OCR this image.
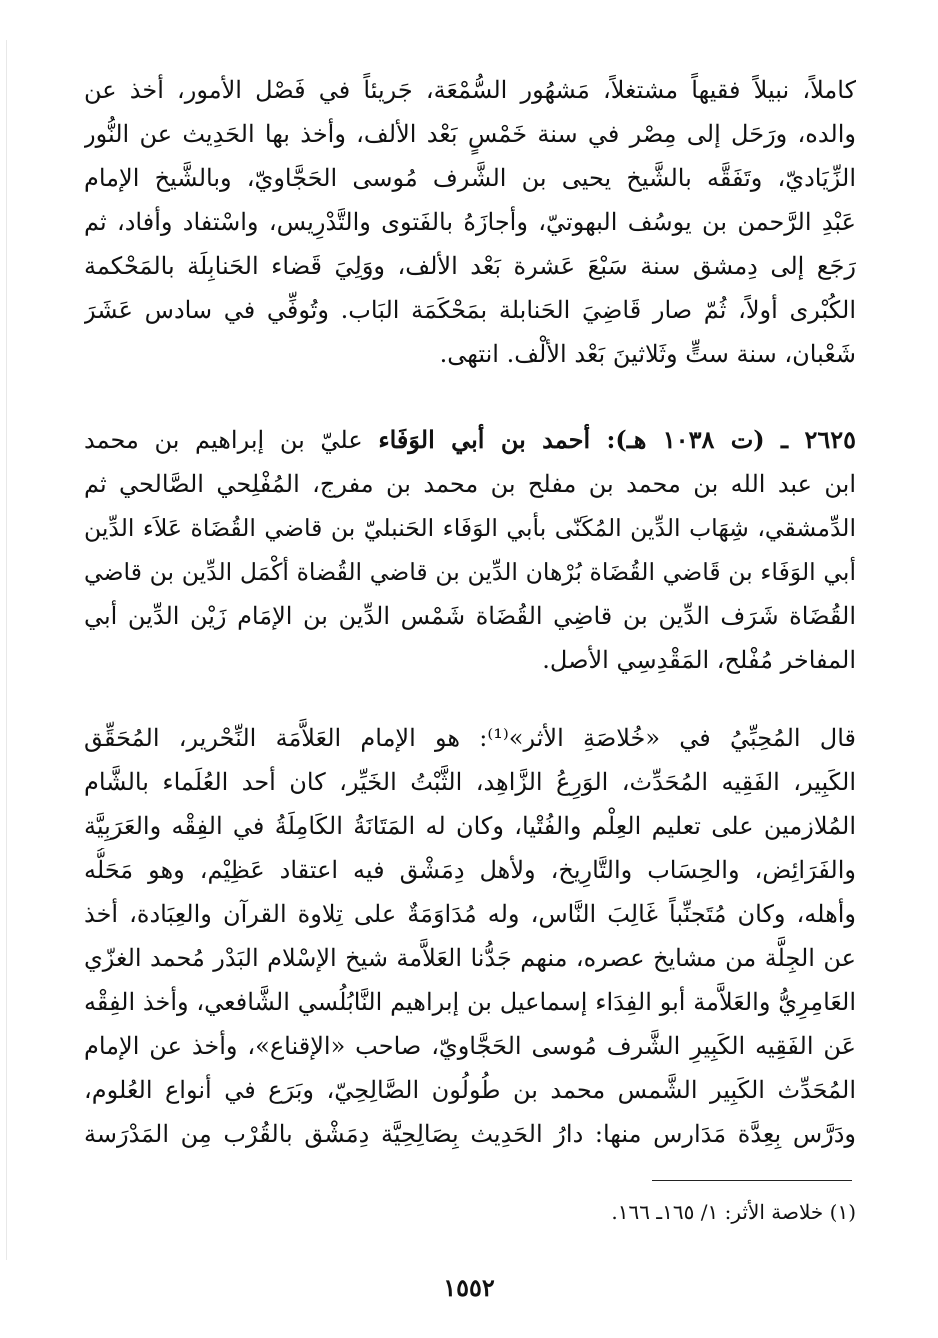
كاملاً، نبيلاً فقيهاً مشتغلاً، مَشهُور السُّمْعَة، جَريئاً في فَصْل الأمور، أخذ عن
والده، ورَحَل إلى مِصْر في سنة خَمْسٍ بَعْد الألف، وأخذ بها الحَدِيث عن النُّور
الزِّيَاديّ، وتَفَقَّه بالشَّيخ يحيى بن الشَّرف مُوسى الحَجَّاويّ، وبالشَّيخ الإمام
عَبْدِ الرَّحمن بن يوسُف البهوتيّ، وأجازَهُ بالفَتوى والتَّدْرِيس، واسْتفاد وأفاد، ثم
رَجَع إلى دِمشق سنة سَبْعَ عَشرة بَعْد الألف، ووَلِيَ قَضاء الحَنابِلَة بالمَحْكمة
الكُبْرى أولاً، ثُمّ صار قَاضِيَ الحَنابلة بمَحْكَمَة البَاب. وتُوفِّي في سادس عَشَرَ
شَعْبان، سنة ستٍّ وثَلاثينَ بَعْد الألْف. انتهى.
٢٦٢٥ ـ (ت ١٠٣٨ هـ): أحمد بن أبي الوَفَاء عليّ بن إبراهيم بن محمد
ابن عبد الله بن محمد بن مفلح بن محمد بن مفرج، المُفْلِحي الصَّالحي ثم
الدِّمشقي، شِهَاب الدِّين المُكَنّى بأبي الوَفَاء الحَنبليّ بن قاضي القُضَاة عَلاَء الدِّين
أبي الوَفَاء بن قَاضي القُضَاة بُرْهان الدِّين بن قاضي القُضاة أكْمَل الدِّين بن قاضي
القُضَاة شَرَف الدِّين بن قاضِي القُضَاة شَمْس الدِّين بن الإمَام زَيْن الدِّين أبي
المفاخر مُفْلح، المَقْدِسِي الأصل.
قال المُحِبِّيُ في «خُلاصَةِ الأثر»⁽¹⁾: هو الإمام العَلاَّمَة النِّحْرير، المُحَقِّق
الكَبِير، الفَقِيه المُحَدِّث، الوَرِعُ الزَّاهِد، الثَّبْتُ الخَيِّر، كان أحد العُلَماء بالشَّام
المُلازمين على تعليم العِلْم والفُتْيا، وكان له المَتَانَةُ الكَامِلَةُ في الفِقْه والعَرَبِيَّة
والفَرَائِض، والحِسَاب والتَّارِيخ، ولأهل دِمَشْق فيه اعتقاد عَظِيْم، وهو مَحَلُّه
وأهله، وكان مُتَجنِّباً غَالِبَ النَّاس، وله مُدَاوَمَةٌ على تِلاوة القرآن والعِبَادة، أخذ
عن الجِلَّة من مشايخ عصره، منهم جَدُّنا العَلاَّمة شيخ الإسْلام البَدْر مُحمد الغزّي
العَامِرِيُّ والعَلاَّمة أبو الفِدَاء إسماعيل بن إبراهيم النَّابُلُسي الشَّافعي، وأخذ الفِقْه
عَن الفَقِيه الكَبِيرِ الشَّرف مُوسى الحَجَّاويّ، صاحب «الإقناع»، وأخذ عن الإمام
المُحَدِّث الكَبِير الشَّمس محمد بن طُولُون الصَّالِحِيّ، وبَرَع في أنواع العُلوم،
ودَرَّس بِعِدَّة مَدَارس منها: دارُ الحَدِيث بِصَالِحِيَّة دِمَشْق بالقُرْب مِن المَدْرَسة
(١) خلاصة الأثر: ١/ ١٦٥ـ ١٦٦.
١٥٥٢
